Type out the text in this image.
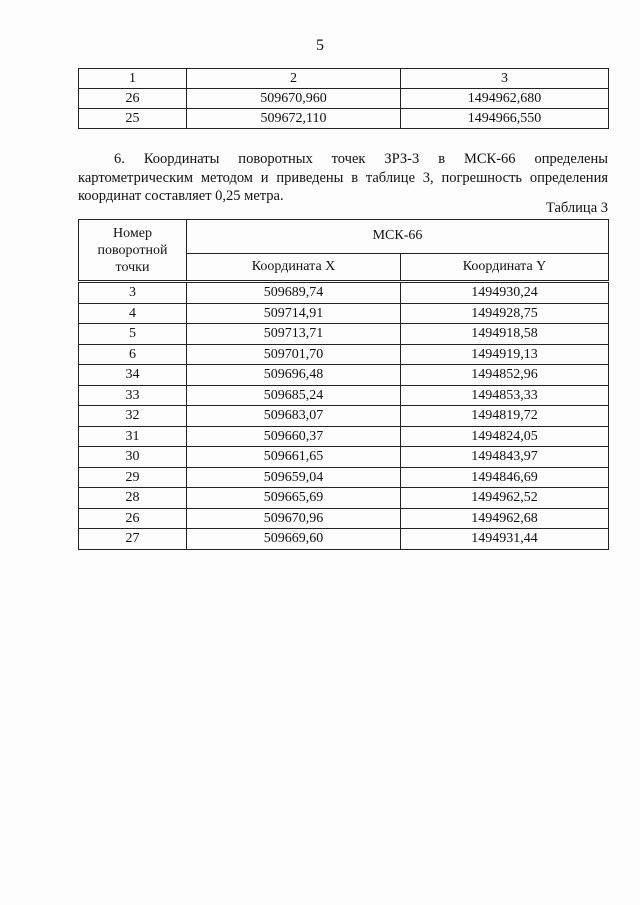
5
1	2	3
26	509670,960	1494962,680
25	509672,110	1494966,550
6. Координаты поворотных точек ЗРЗ-3 в МСК-66 определены картометрическим методом и приведены в таблице 3, погрешность определения координат составляет 0,25 метра.
Таблица 3
Номер поворотной точки	МСК-66	
	Координата X	Координата Y
3	509689,74	1494930,24
4	509714,91	1494928,75
5	509713,71	1494918,58
6	509701,70	1494919,13
34	509696,48	1494852,96
33	509685,24	1494853,33
32	509683,07	1494819,72
31	509660,37	1494824,05
30	509661,65	1494843,97
29	509659,04	1494846,69
28	509665,69	1494962,52
26	509670,96	1494962,68
27	509669,60	1494931,44
